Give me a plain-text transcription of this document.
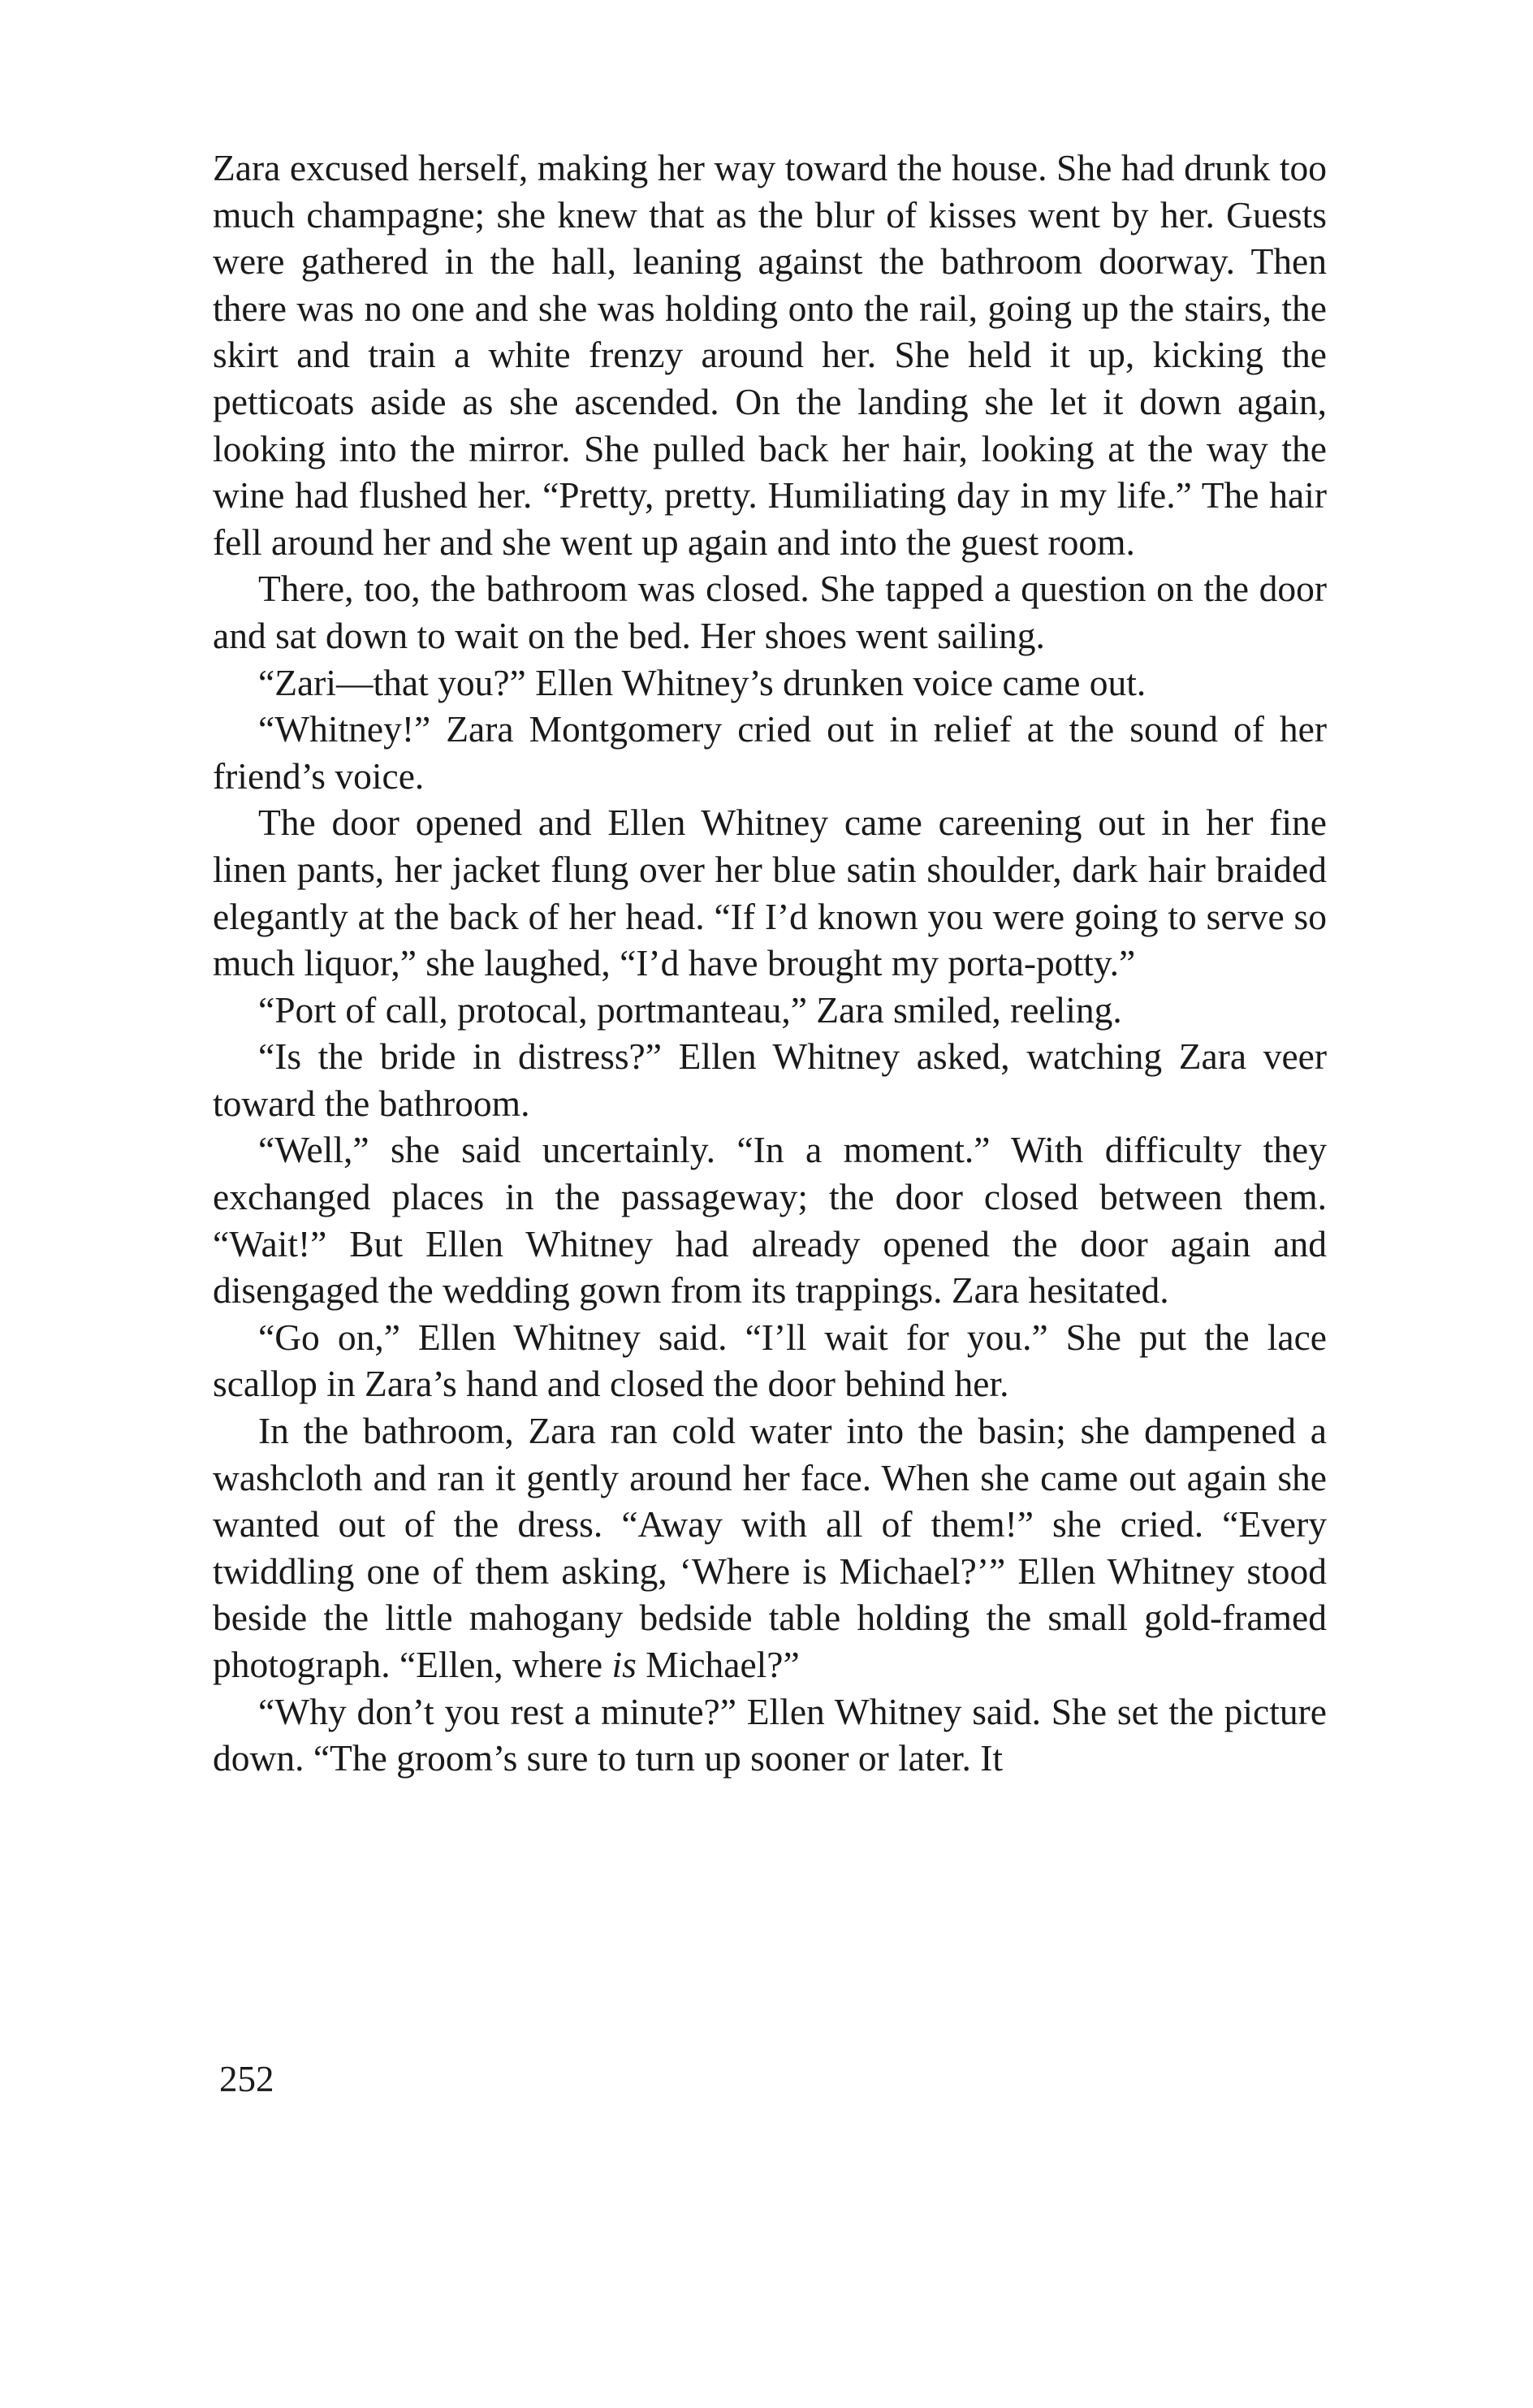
Zara excused herself, making her way toward the house. She had drunk too much champagne; she knew that as the blur of kisses went by her. Guests were gathered in the hall, leaning against the bathroom doorway. Then there was no one and she was holding onto the rail, going up the stairs, the skirt and train a white frenzy around her. She held it up, kicking the petticoats aside as she ascended. On the landing she let it down again, looking into the mirror. She pulled back her hair, looking at the way the wine had flushed her. “Pretty, pretty. Humiliating day in my life.” The hair fell around her and she went up again and into the guest room.

There, too, the bathroom was closed. She tapped a question on the door and sat down to wait on the bed. Her shoes went sailing.

“Zari—that you?” Ellen Whitney’s drunken voice came out.

“Whitney!” Zara Montgomery cried out in relief at the sound of her friend’s voice.

The door opened and Ellen Whitney came careening out in her fine linen pants, her jacket flung over her blue satin shoulder, dark hair braided elegantly at the back of her head. “If I’d known you were going to serve so much liquor,” she laughed, “I’d have brought my porta-potty.”

“Port of call, protocal, portmanteau,” Zara smiled, reeling.

“Is the bride in distress?” Ellen Whitney asked, watching Zara veer toward the bathroom.

“Well,” she said uncertainly. “In a moment.” With difficulty they exchanged places in the passageway; the door closed between them. “Wait!” But Ellen Whitney had already opened the door again and disengaged the wedding gown from its trappings. Zara hesitated.

“Go on,” Ellen Whitney said. “I’ll wait for you.” She put the lace scallop in Zara’s hand and closed the door behind her.

In the bathroom, Zara ran cold water into the basin; she dampened a washcloth and ran it gently around her face. When she came out again she wanted out of the dress. “Away with all of them!” she cried. “Every twiddling one of them asking, ‘Where is Michael?’” Ellen Whitney stood beside the little mahogany bedside table holding the small gold-framed photograph. “Ellen, where is Michael?”

“Why don’t you rest a minute?” Ellen Whitney said. She set the picture down. “The groom’s sure to turn up sooner or later. It

252
